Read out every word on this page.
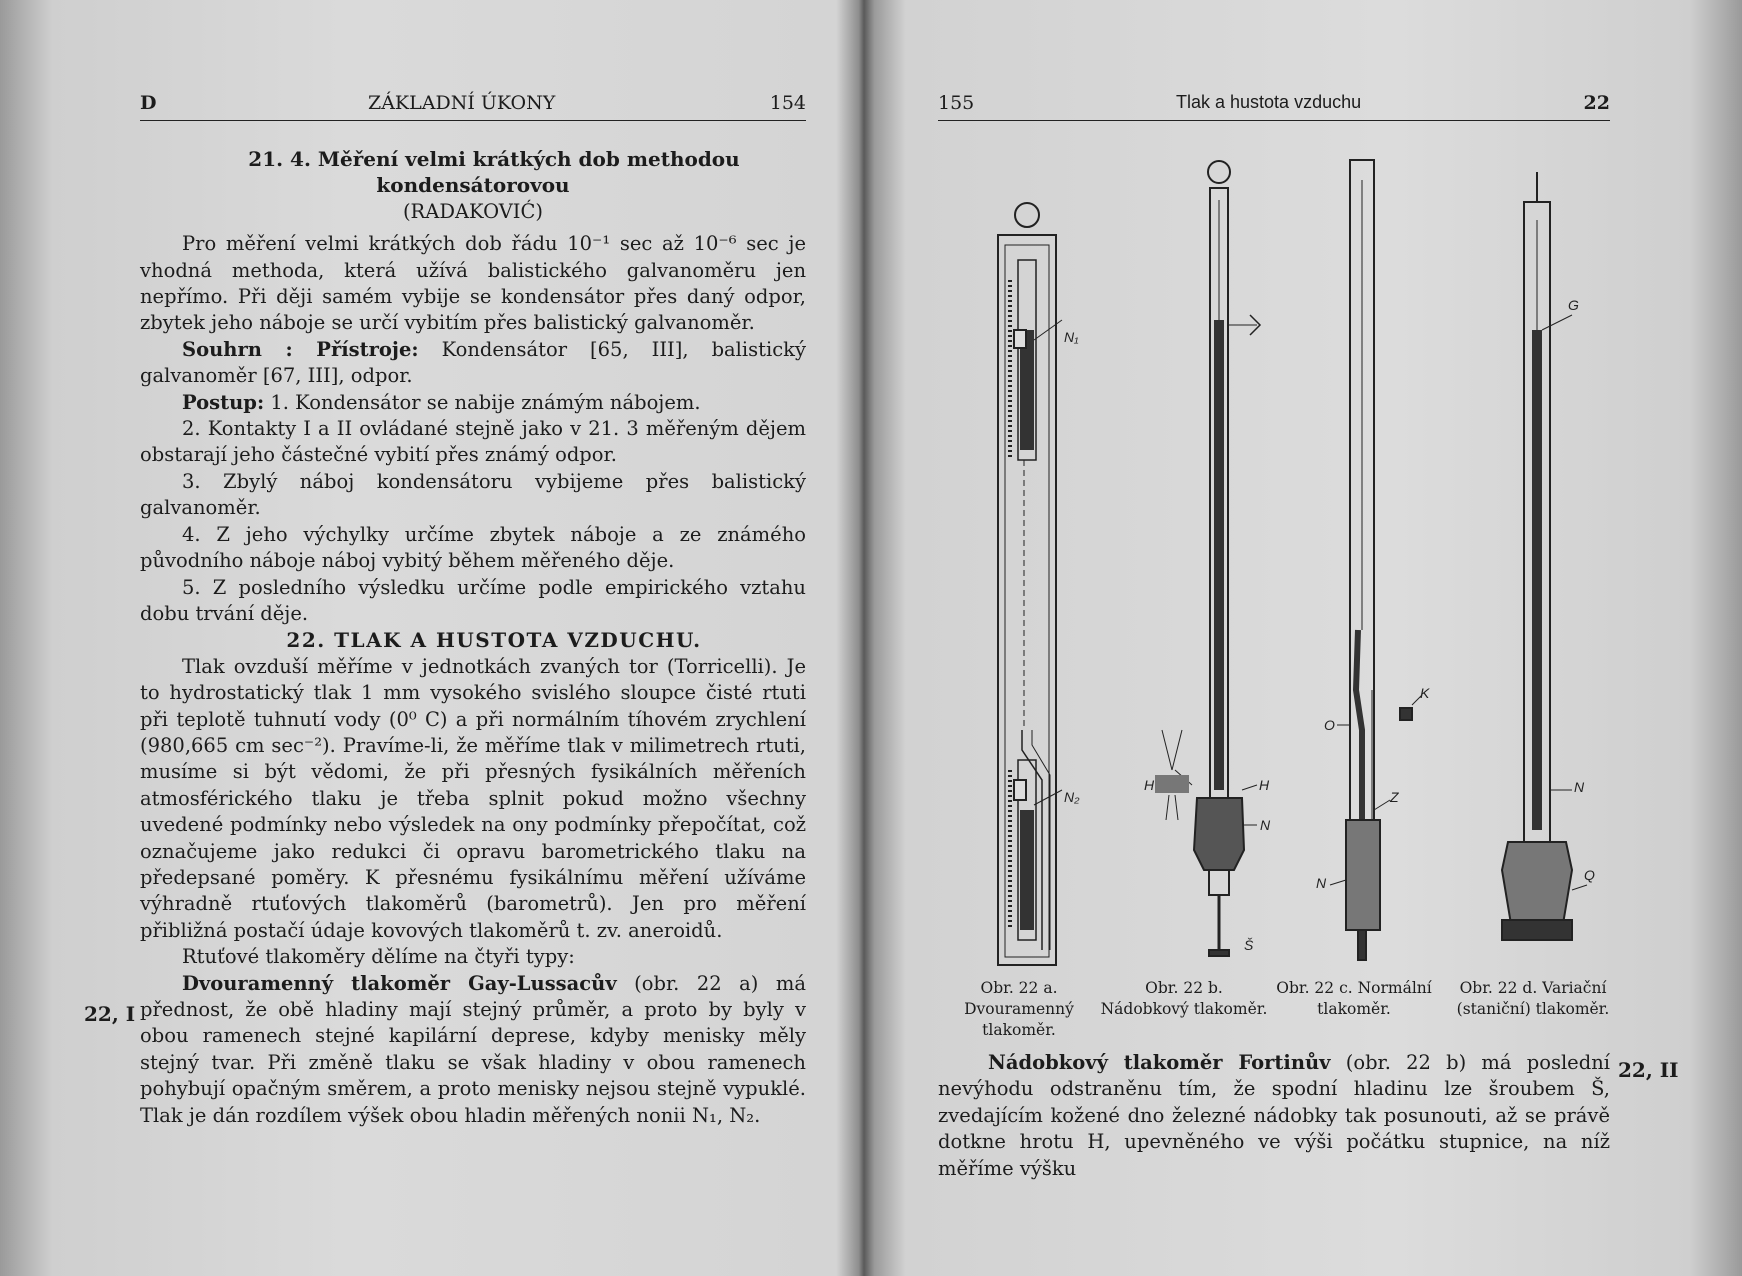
D	ZÁKLADNÍ ÚKONY	154

21. 4. Měření velmi krátkých dob methodou kondensátorovou

(RADAKOVIĆ)

Pro měření velmi krátkých dob řádu 10⁻¹ sec až 10⁻⁶ sec je vhodná methoda, která užívá balistického galvanoměru jen nepřímo. Při ději samém vybije se kondensátor přes daný odpor, zbytek jeho náboje se určí vybitím přes balistický galvanoměr.

Souhrn : Přístroje: Kondensátor [65, III], balistický galvanoměr [67, III], odpor.

Postup: 1. Kondensátor se nabije známým nábojem.

2. Kontakty I a II ovládané stejně jako v 21. 3 měřeným dějem obstarají jeho částečné vybití přes známý odpor.

3. Zbylý náboj kondensátoru vybijeme přes balistický galvanoměr.

4. Z jeho výchylky určíme zbytek náboje a ze známého původního náboje náboj vybitý během měřeného děje.

5. Z posledního výsledku určíme podle empirického vztahu dobu trvání děje.

22. TLAK A HUSTOTA VZDUCHU.

Tlak ovzduší měříme v jednotkách zvaných tor (Torricelli). Je to hydrostatický tlak 1 mm vysokého svislého sloupce čisté rtuti při teplotě tuhnutí vody (0⁰ C) a při normálním tíhovém zrychlení (980,665 cm sec⁻²). Pravíme-li, že měříme tlak v milimetrech rtuti, musíme si být vědomi, že při přesných fysikálních měřeních atmosférického tlaku je třeba splnit pokud možno všechny uvedené podmínky nebo výsledek na ony podmínky přepočítat, což označujeme jako redukci či opravu barometrického tlaku na předepsané poměry. K přesnému fysikálnímu měření užíváme výhradně rtuťových tlakoměrů (barometrů). Jen pro měření přibližná postačí údaje kovových tlakoměrů t. zv. aneroidů.

Rtuťové tlakoměry dělíme na čtyři typy:

Dvouramenný tlakoměr Gay-Lussacův (obr. 22 a) má přednost, že obě hladiny mají stejný průměr, a proto by byly v obou ramenech stejné kapilární deprese, kdyby menisky měly stejný tvar. Při změně tlaku se však hladiny v obou ramenech pohybují opačným směrem, a proto menisky nejsou stejně vypuklé. Tlak je dán rozdílem výšek obou hladin měřených nonii N₁, N₂.

22, I
155	Tlak a hustota vzduchu	22
N₁
N₂
H	H
N
Š
K
O
Z
N
G
N
Q
Obr. 22 a. Dvouramenný tlakoměr.
Obr. 22 b. Nádobkový tlakoměr.
Obr. 22 c. Normální tlakoměr.
Obr. 22 d. Variační (staniční) tlakoměr.

Nádobkový tlakoměr Fortinův (obr. 22 b) má poslední nevýhodu odstraněnu tím, že spodní hladinu lze šroubem Š, zvedajícím kožené dno železné nádobky tak posunouti, až se právě dotkne hrotu H, upevněného ve výši počátku stupnice, na níž měříme výšku

22, II
